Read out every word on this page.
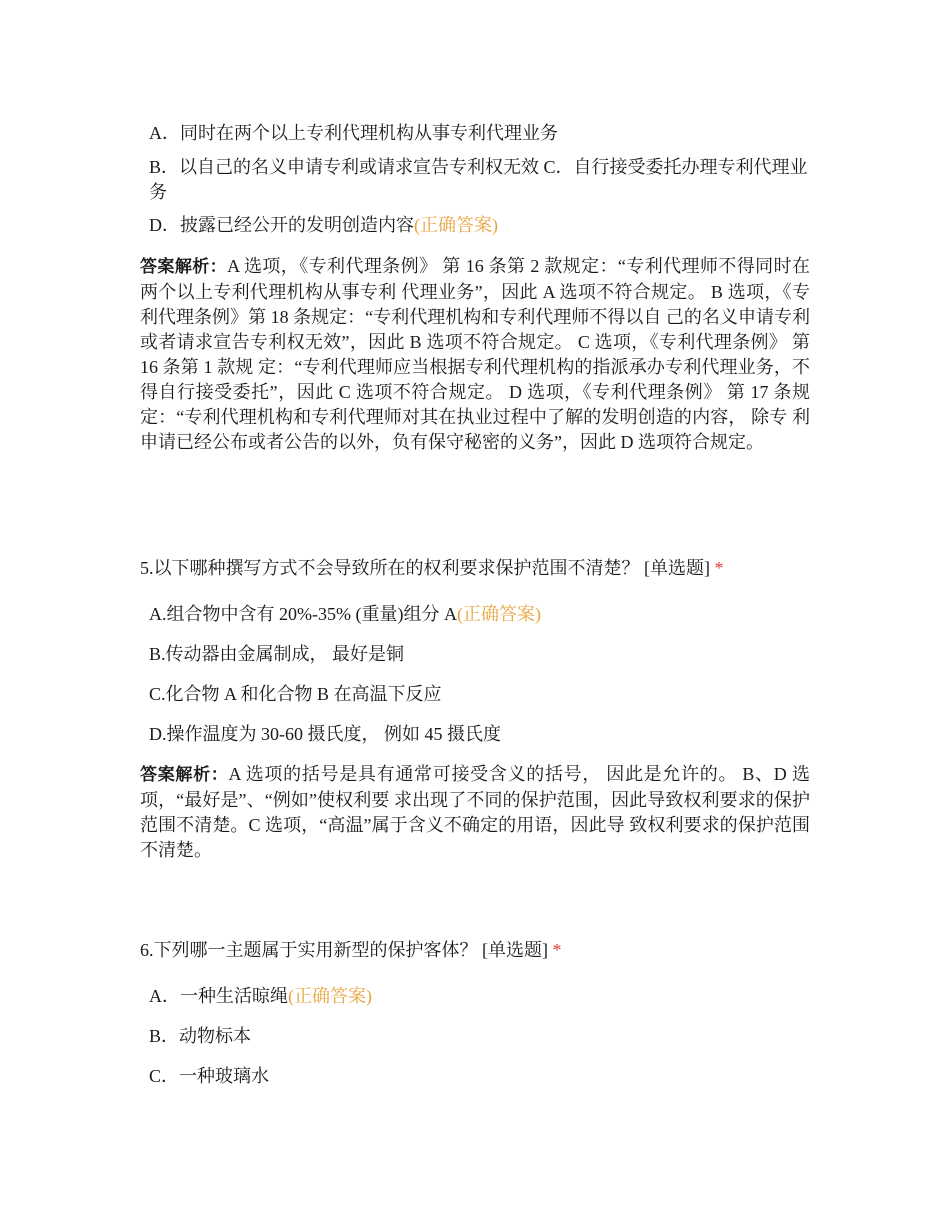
A．同时在两个以上专利代理机构从事专利代理业务

B．以自己的名义申请专利或请求宣告专利权无效 C．自行接受委托办理专利代理业务

D．披露已经公开的发明创造内容(正确答案)

答案解析：A 选项，《专利代理条例》 第 16 条第 2 款规定：“专利代理师不得同时在两个以上专利代理机构从事专利 代理业务”，因此 A 选项不符合规定。 B 选项，《专利代理条例》第 18 条规定：“专利代理机构和专利代理师不得以自 己的名义申请专利或者请求宣告专利权无效”，因此 B 选项不符合规定。 C 选项，《专利代理条例》 第 16 条第 1 款规 定：“专利代理师应当根据专利代理机构的指派承办专利代理业务，不得自行接受委托”，因此 C 选项不符合规定。 D 选项，《专利代理条例》 第 17 条规定：“专利代理机构和专利代理师对其在执业过程中了解的发明创造的内容， 除专 利申请已经公布或者公告的以外，负有保守秘密的义务”，因此 D 选项符合规定。

5.以下哪种撰写方式不会导致所在的权利要求保护范围不清楚？ [单选题] *

A.组合物中含有 20%-35% (重量)组分 A(正确答案)

B.传动器由金属制成， 最好是铜

C.化合物 A 和化合物 B 在高温下反应

D.操作温度为 30-60 摄氏度， 例如 45 摄氏度

答案解析：A 选项的括号是具有通常可接受含义的括号， 因此是允许的。 B、D 选项，“最好是”、“例如”使权利要 求出现了不同的保护范围，因此导致权利要求的保护范围不清楚。C 选项，“高温”属于含义不确定的用语，因此导 致权利要求的保护范围不清楚。

6.下列哪一主题属于实用新型的保护客体？ [单选题] *

A．一种生活晾绳(正确答案)

B．动物标本

C．一种玻璃水
